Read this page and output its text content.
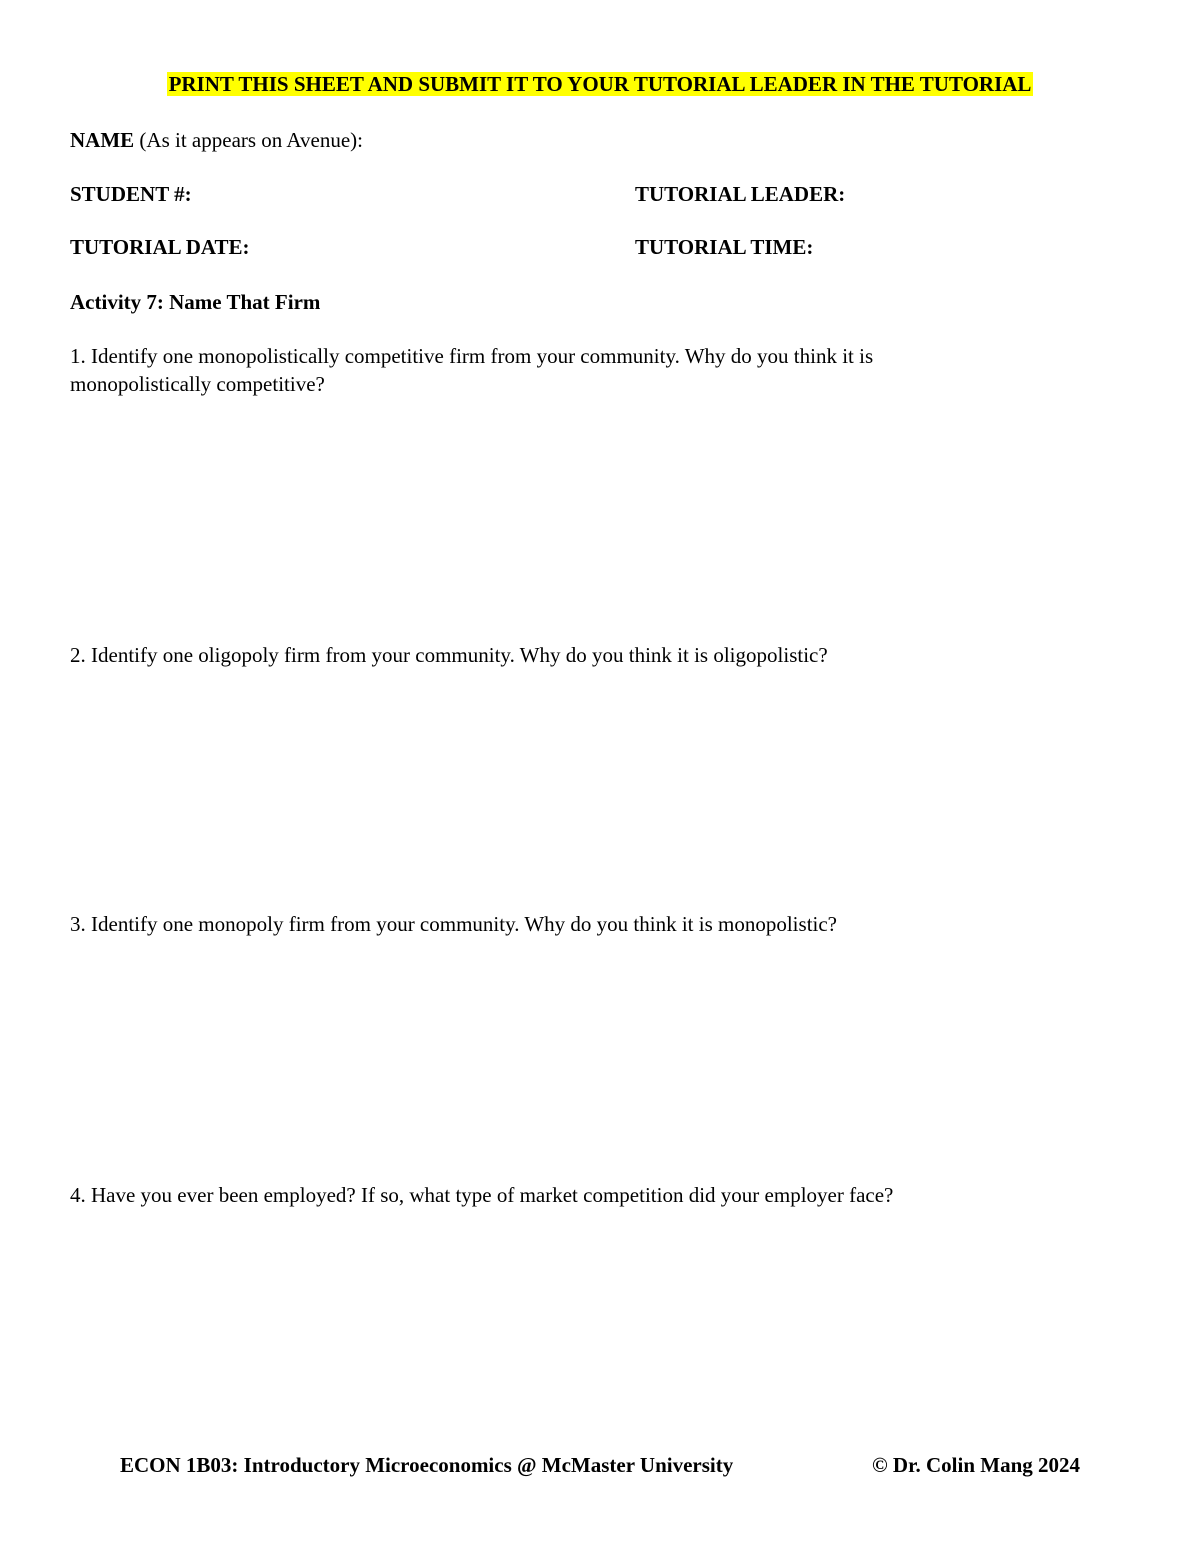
PRINT THIS SHEET AND SUBMIT IT TO YOUR TUTORIAL LEADER IN THE TUTORIAL
NAME (As it appears on Avenue):
STUDENT #:	TUTORIAL LEADER:
TUTORIAL DATE:	TUTORIAL TIME:
Activity 7: Name That Firm
1. Identify one monopolistically competitive firm from your community. Why do you think it is monopolistically competitive?
2. Identify one oligopoly firm from your community. Why do you think it is oligopolistic?
3. Identify one monopoly firm from your community. Why do you think it is monopolistic?
4. Have you ever been employed? If so, what type of market competition did your employer face?
ECON 1B03: Introductory Microeconomics @ McMaster University	© Dr. Colin Mang 2024
